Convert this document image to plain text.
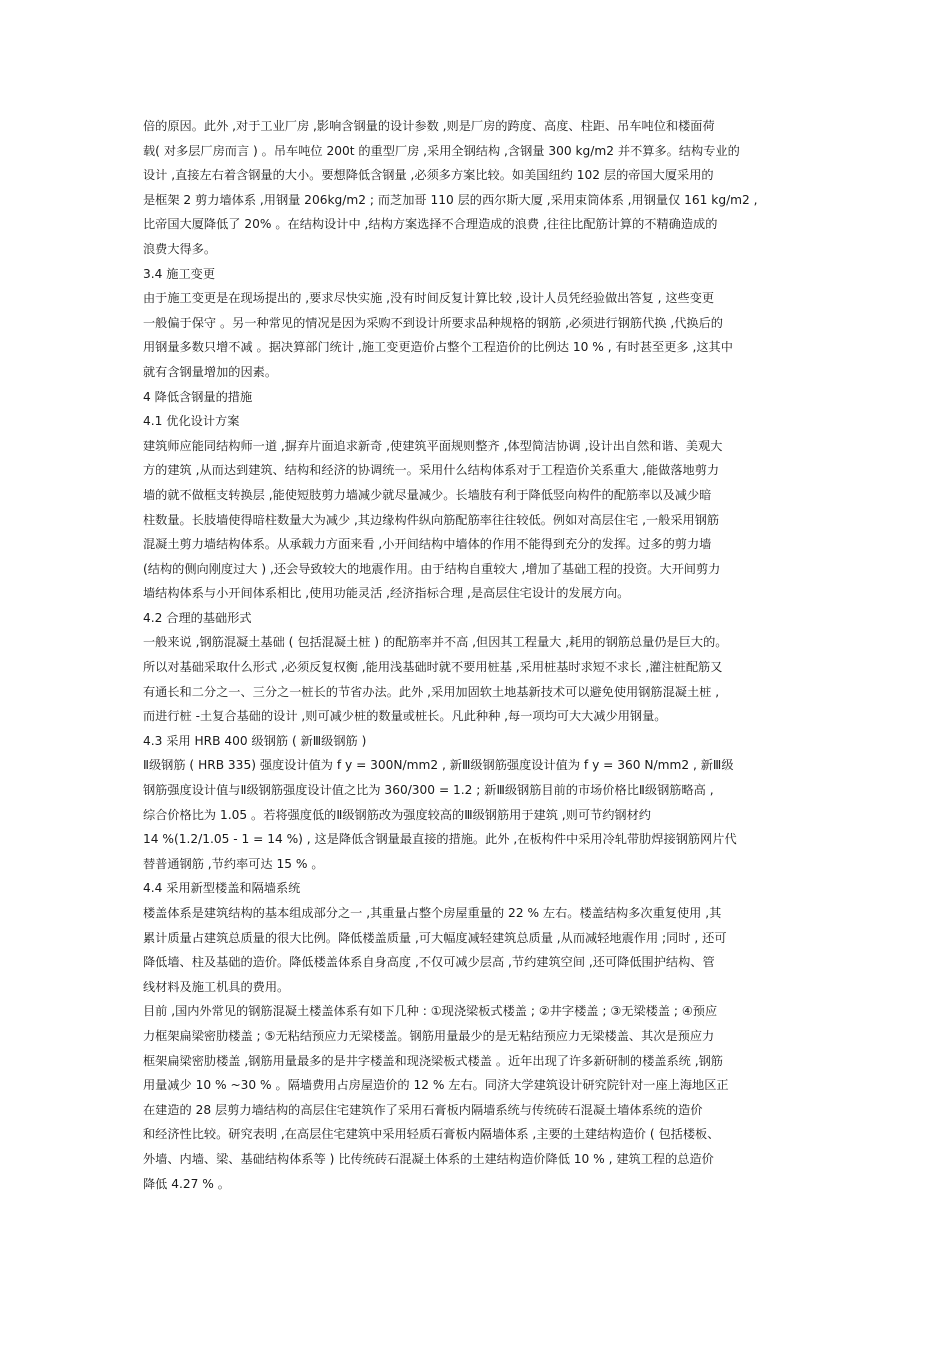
倍的原因。此外 ,对于工业厂房 ,影响含钢量的设计参数 ,则是厂房的跨度、高度、柱距、吊车吨位和楼面荷
载( 对多层厂房而言 ) 。吊车吨位 200t 的重型厂房 ,采用全钢结构 ,含钢量 300 kg/m2 并不算多。结构专业的
设计 ,直接左右着含钢量的大小。要想降低含钢量 ,必须多方案比较。如美国纽约 102 层的帝国大厦采用的
是框架 2 剪力墙体系 ,用钢量 206kg/m2 ; 而芝加哥 110 层的西尔斯大厦 ,采用束筒体系 ,用钢量仅 161 kg/m2 ,
比帝国大厦降低了 20% 。在结构设计中 ,结构方案选择不合理造成的浪费 ,往往比配筋计算的不精确造成的
浪费大得多。
3.4 施工变更
由于施工变更是在现场提出的 ,要求尽快实施 ,没有时间反复计算比较 ,设计人员凭经验做出答复 , 这些变更
一般偏于保守 。另一种常见的情况是因为采购不到设计所要求品种规格的钢筋 ,必须进行钢筋代换 ,代换后的
用钢量多数只增不减 。据决算部门统计 ,施工变更造价占整个工程造价的比例达 10 % , 有时甚至更多 ,这其中
就有含钢量增加的因素。
4 降低含钢量的措施
4.1 优化设计方案
建筑师应能同结构师一道 ,摒弃片面追求新奇 ,使建筑平面规则整齐 ,体型简洁协调 ,设计出自然和谐、美观大
方的建筑 ,从而达到建筑、结构和经济的协调统一。采用什么结构体系对于工程造价关系重大 ,能做落地剪力
墙的就不做框支转换层 ,能使短肢剪力墙减少就尽量减少。长墙肢有利于降低竖向构件的配筋率以及减少暗
柱数量。长肢墙使得暗柱数量大为减少 ,其边缘构件纵向筋配筋率往往较低。例如对高层住宅 ,一般采用钢筋
混凝土剪力墙结构体系。从承载力方面来看 ,小开间结构中墙体的作用不能得到充分的发挥。过多的剪力墙
(结构的侧向刚度过大 ) ,还会导致较大的地震作用。由于结构自重较大 ,增加了基础工程的投资。大开间剪力
墙结构体系与小开间体系相比 ,使用功能灵活 ,经济指标合理 ,是高层住宅设计的发展方向。
4.2 合理的基础形式
一般来说 ,钢筋混凝土基础 ( 包括混凝土桩 ) 的配筋率并不高 ,但因其工程量大 ,耗用的钢筋总量仍是巨大的。
所以对基础采取什么形式 ,必须反复权衡 ,能用浅基础时就不要用桩基 ,采用桩基时求短不求长 ,灌注桩配筋又
有通长和二分之一、三分之一桩长的节省办法。此外 ,采用加固软土地基新技术可以避免使用钢筋混凝土桩 ,
而进行桩 -土复合基础的设计 ,则可减少桩的数量或桩长。凡此种种 ,每一项均可大大减少用钢量。
4.3 采用 HRB 400 级钢筋 ( 新Ⅲ级钢筋 )
Ⅱ级钢筋 ( HRB 335) 强度设计值为 f y = 300N/mm2 , 新Ⅲ级钢筋强度设计值为 f y = 360 N/mm2 , 新Ⅲ级
钢筋强度设计值与Ⅱ级钢筋强度设计值之比为 360/300 = 1.2 ; 新Ⅲ级钢筋目前的市场价格比Ⅱ级钢筋略高 ,
综合价格比为 1.05 。若将强度低的Ⅱ级钢筋改为强度较高的Ⅲ级钢筋用于建筑 ,则可节约钢材约
14 %(1.2/1.05 - 1 = 14 %) , 这是降低含钢量最直接的措施。此外 ,在板构件中采用冷轧带肋焊接钢筋网片代
替普通钢筋 ,节约率可达 15 % 。
4.4 采用新型楼盖和隔墙系统
楼盖体系是建筑结构的基本组成部分之一 ,其重量占整个房屋重量的 22 % 左右。楼盖结构多次重复使用 ,其
累计质量占建筑总质量的很大比例。降低楼盖质量 ,可大幅度减轻建筑总质量 ,从而减轻地震作用 ;同时 , 还可
降低墙、柱及基础的造价。降低楼盖体系自身高度 ,不仅可减少层高 ,节约建筑空间 ,还可降低围护结构、管
线材料及施工机具的费用。
目前 ,国内外常见的钢筋混凝土楼盖体系有如下几种 : ①现浇梁板式楼盖 ; ②井字楼盖 ; ③无梁楼盖 ; ④预应
力框架扁梁密肋楼盖 ; ⑤无粘结预应力无梁楼盖。钢筋用量最少的是无粘结预应力无梁楼盖、其次是预应力
框架扁梁密肋楼盖 ,钢筋用量最多的是井字楼盖和现浇梁板式楼盖 。近年出现了许多新研制的楼盖系统 ,钢筋
用量减少 10 % ~30 % 。隔墙费用占房屋造价的 12 % 左右。同济大学建筑设计研究院针对一座上海地区正
在建造的 28 层剪力墙结构的高层住宅建筑作了采用石膏板内隔墙系统与传统砖石混凝土墙体系统的造价
和经济性比较。研究表明 ,在高层住宅建筑中采用轻质石膏板内隔墙体系 ,主要的土建结构造价 ( 包括楼板、
外墙、内墙、梁、基础结构体系等 ) 比传统砖石混凝土体系的土建结构造价降低 10 % , 建筑工程的总造价
降低 4.27 % 。
